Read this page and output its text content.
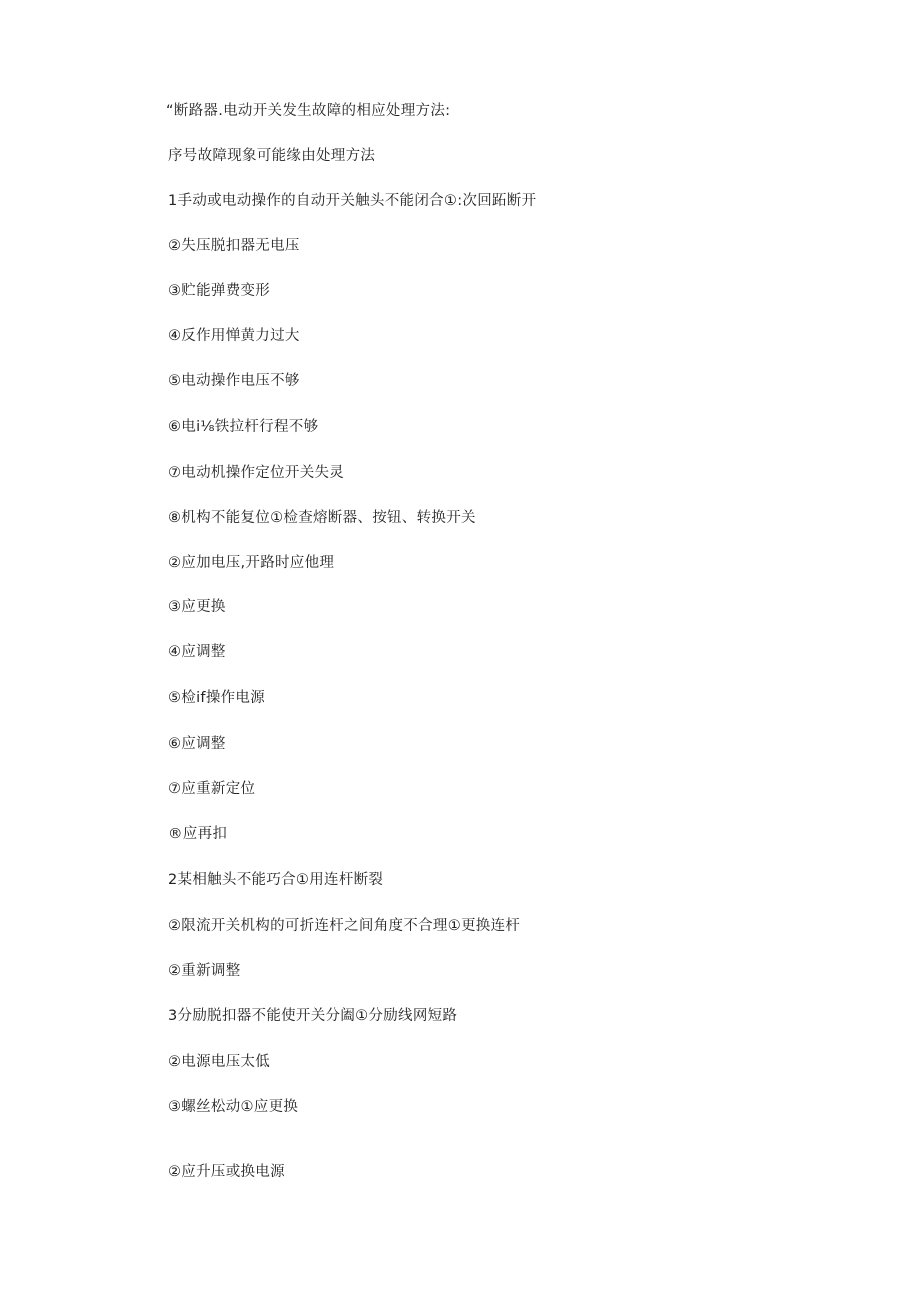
“断路器.电动开关发生故障的相应处理方法:
序号故障现象可能缘由处理方法
1手动或电动操作的自动开关触头不能闭合①:次回跖断开
②失压脱扣器无电压
③贮能弹费变形
④反作用惮黄力过大
⑤电动操作电压不够
⑥电i⅛铁拉杆行程不够
⑦电动机操作定位开关失灵
⑧机构不能复位①检查熔断器、按钮、转换开关
②应加电压,开路时应他理
③应更换
④应调整
⑤检if操作电源
⑥应调整
⑦应重新定位
®应再扣
2某相触头不能巧合①用连杆断裂
②限流开关机构的可折连杆之间角度不合理①更换连杆
②重新调整
3分励脱扣器不能使开关分阖①分励线网短路
②电源电压太低
③螺丝松动①应更换
②应升压或换电源
